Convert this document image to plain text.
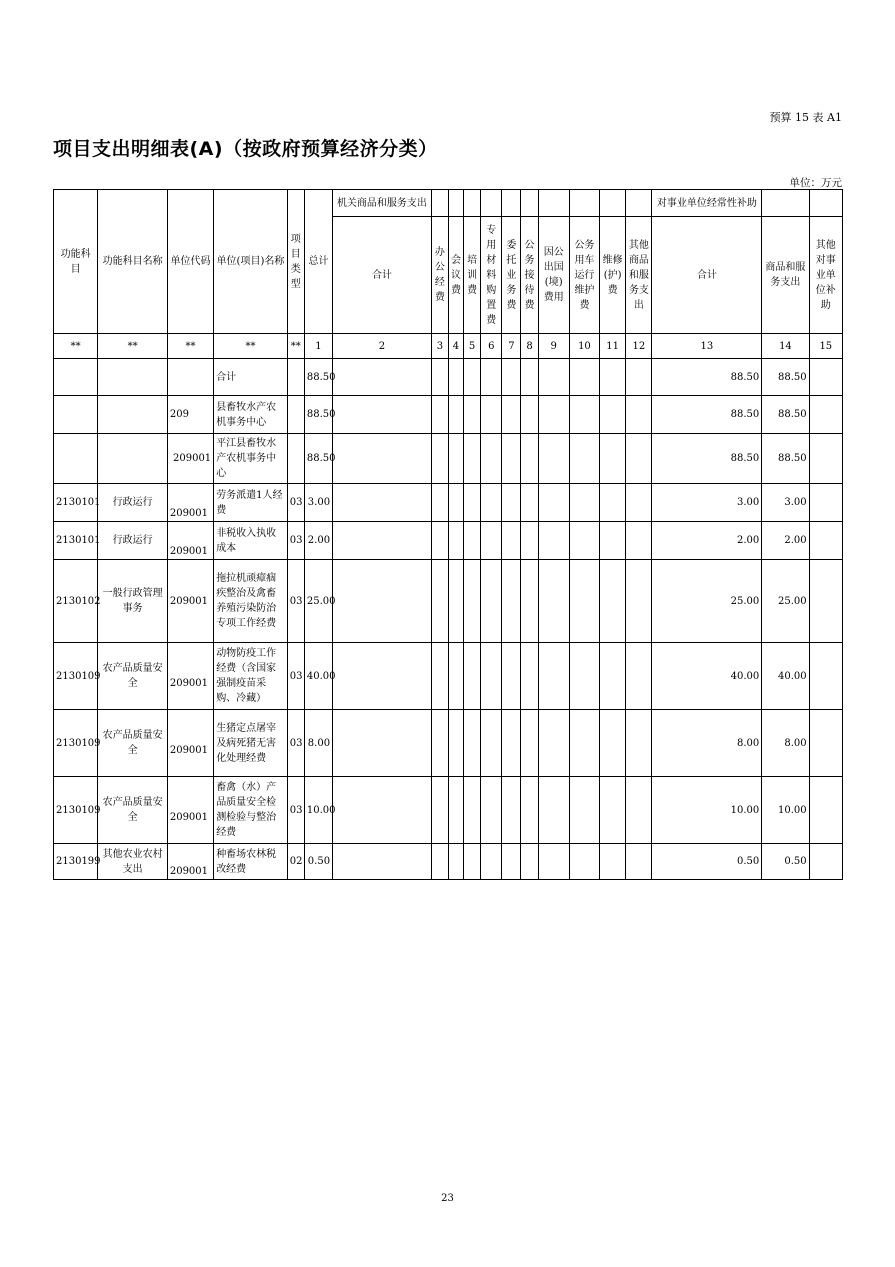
预算 15 表 A1
项目支出明细表(A)（按政府预算经济分类）
单位：万元
功能科目	功能科目名称	单位代码	单位(项目)名称	项目类型	总计	机关商品和服务支出											对事业单位经常性补助		
						合计	办公经费	会议费	培训费	专用材料购置费	委托业务费	公务接待费	因公出国(境)费用	公务用车运行维护费	维修(护)费	其他商品和服务支出	合计	商品和服务支出	其他对事业单位补助
**	**	**	**	**	1	2	3	4	5	6	7	8	9	10	11	12	13	14	15
			合计		88.50												88.50	88.50	
		209	县畜牧水产农机事务中心		88.50												88.50	88.50	
		209001	平江县畜牧水产农机事务中心		88.50												88.50	88.50	
2130101	行政运行	209001	劳务派遣1人经费	03	3.00												3.00	3.00	
2130101	行政运行	209001	非税收入执收成本	03	2.00												2.00	2.00	
2130102	一般行政管理事务	209001	拖拉机顽瘴痼疾整治及禽畜养殖污染防治专项工作经费	03	25.00												25.00	25.00	
2130109	农产品质量安全	209001	动物防疫工作经费（含国家强制疫苗采购、冷藏）	03	40.00												40.00	40.00	
2130109	农产品质量安全	209001	生猪定点屠宰及病死猪无害化处理经费	03	8.00												8.00	8.00	
2130109	农产品质量安全	209001	畜禽（水）产品质量安全检测检验与整治经费	03	10.00												10.00	10.00	
2130199	其他农业农村支出	209001	种畜场农林税改经费	02	0.50												0.50	0.50	
23
